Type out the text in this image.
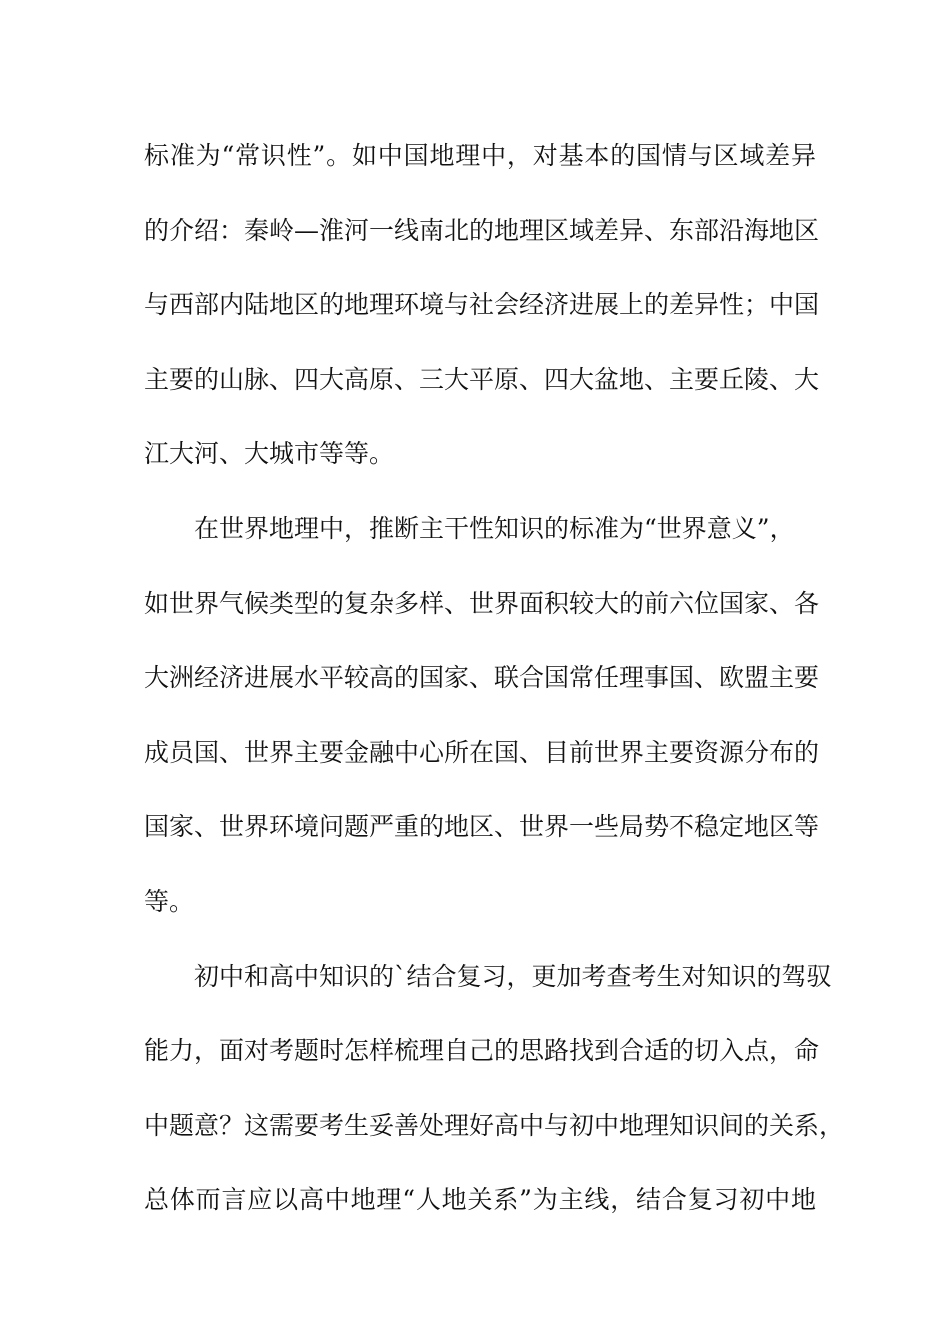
标准为“常识性”。如中国地理中，对基本的国情与区域差异
的介绍：秦岭—淮河一线南北的地理区域差异、东部沿海地区
与西部内陆地区的地理环境与社会经济进展上的差异性；中国
主要的山脉、四大高原、三大平原、四大盆地、主要丘陵、大
江大河、大城市等等。
在世界地理中，推断主干性知识的标准为“世界意义”，
如世界气候类型的复杂多样、世界面积较大的前六位国家、各
大洲经济进展水平较高的国家、联合国常任理事国、欧盟主要
成员国、世界主要金融中心所在国、目前世界主要资源分布的
国家、世界环境问题严重的地区、世界一些局势不稳定地区等
等。
初中和高中知识的`结合复习，更加考查考生对知识的驾驭
能力，面对考题时怎样梳理自己的思路找到合适的切入点，命
中题意？这需要考生妥善处理好高中与初中地理知识间的关系，
总体而言应以高中地理“人地关系”为主线，结合复习初中地
